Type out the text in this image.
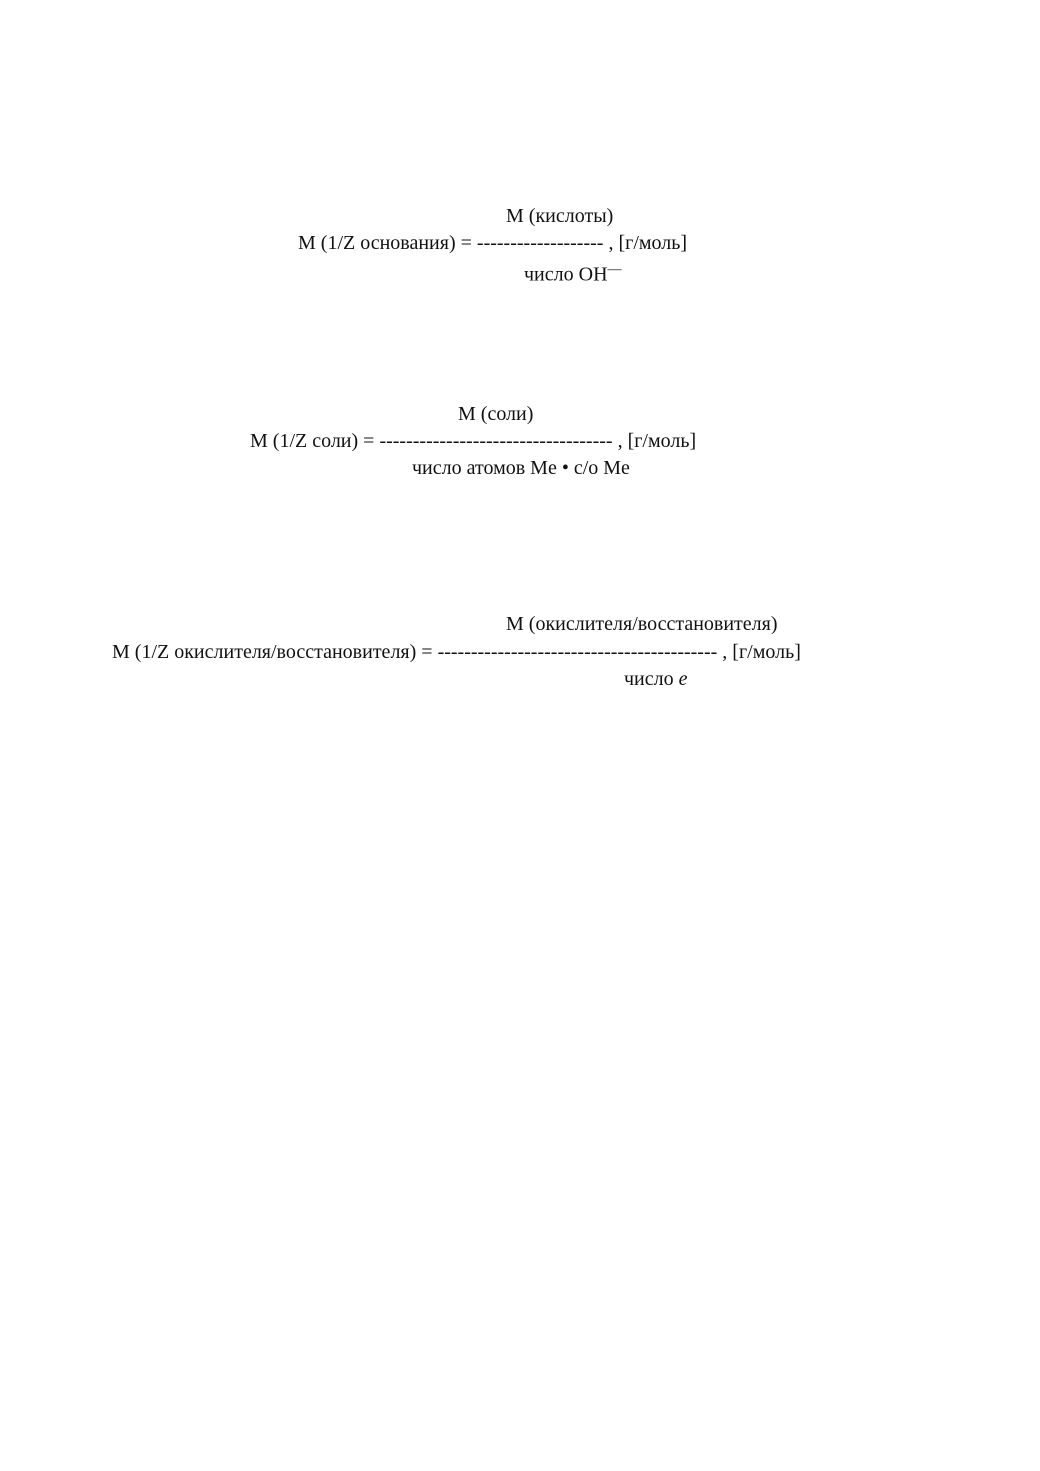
M (кислоты)
M (1/Z основания) = ------------------- , [г/моль]
число OH—
M (соли)
M (1/Z соли) = ----------------------------------- , [г/моль]
число атомов Me • с/о Me
M (окислителя/восстановителя)
M (1/Z окислителя/восстановителя) = ------------------------------------------ , [г/моль]
число e
